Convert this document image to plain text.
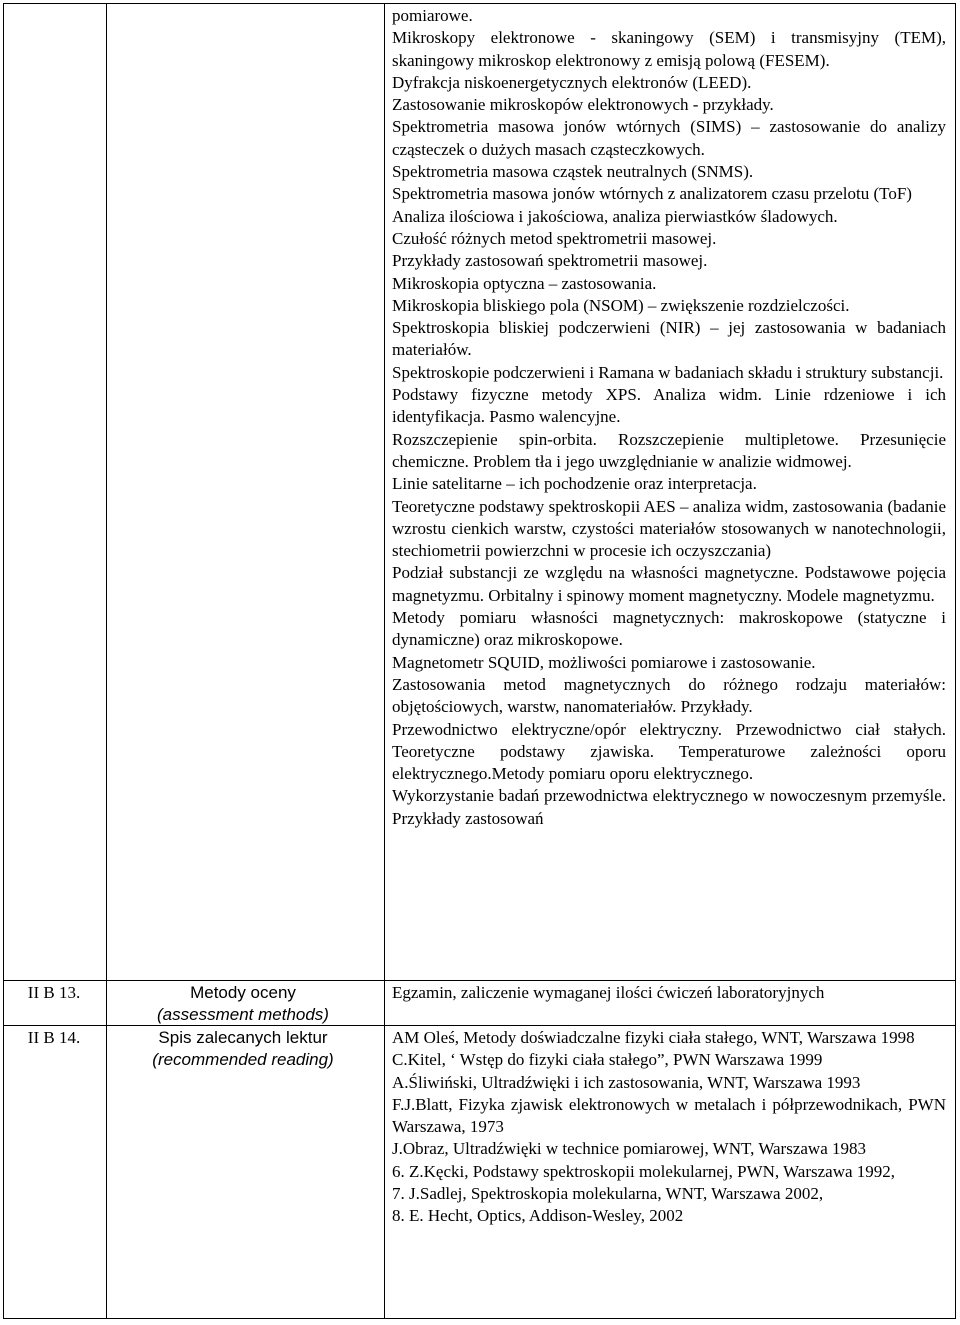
pomiarowe.

Mikroskopy elektronowe - skaningowy (SEM) i transmisyjny (TEM), skaningowy mikroskop elektronowy z emisją polową (FESEM).

Dyfrakcja niskoenergetycznych elektronów (LEED).

Zastosowanie mikroskopów elektronowych - przykłady.

Spektrometria masowa jonów wtórnych (SIMS) – zastosowanie do analizy cząsteczek o dużych masach cząsteczkowych.

Spektrometria masowa cząstek neutralnych (SNMS).

Spektrometria masowa jonów wtórnych z analizatorem czasu przelotu (ToF)

Analiza ilościowa i jakościowa, analiza pierwiastków śladowych.

Czułość różnych metod spektrometrii masowej.

Przykłady zastosowań spektrometrii masowej.

Mikroskopia optyczna – zastosowania.

Mikroskopia bliskiego pola (NSOM) – zwiększenie rozdzielczości.

Spektroskopia bliskiej podczerwieni (NIR) – jej zastosowania w badaniach materiałów.

Spektroskopie podczerwieni i Ramana w badaniach składu i struktury substancji.

Podstawy fizyczne metody XPS. Analiza widm. Linie rdzeniowe i ich identyfikacja. Pasmo walencyjne.

Rozszczepienie spin-orbita. Rozszczepienie multipletowe. Przesunięcie chemiczne. Problem tła i jego uwzględnianie w analizie widmowej.

Linie satelitarne – ich pochodzenie oraz interpretacja.

Teoretyczne podstawy spektroskopii AES – analiza widm, zastosowania (badanie wzrostu cienkich warstw, czystości materiałów stosowanych w nanotechnologii, stechiometrii powierzchni w procesie ich oczyszczania)

Podział substancji ze względu na własności magnetyczne. Podstawowe pojęcia magnetyzmu. Orbitalny i spinowy moment magnetyczny. Modele magnetyzmu.

Metody pomiaru własności magnetycznych: makroskopowe (statyczne i dynamiczne) oraz mikroskopowe.

Magnetometr SQUID, możliwości pomiarowe i zastosowanie.

Zastosowania metod magnetycznych do różnego rodzaju materiałów: objętościowych, warstw, nanomateriałów. Przykłady.

Przewodnictwo elektryczne/opór elektryczny. Przewodnictwo ciał stałych. Teoretyczne podstawy zjawiska. Temperaturowe zależności oporu elektrycznego.Metody pomiaru oporu elektrycznego.

Wykorzystanie badań przewodnictwa elektrycznego w nowoczesnym przemyśle. Przykłady zastosowań

II B 13.	Metody oceny
(assessment methods)

Egzamin, zaliczenie wymaganej ilości ćwiczeń laboratoryjnych

II B 14.	Spis zalecanych lektur
(recommended reading)

AM Oleś, Metody doświadczalne fizyki ciała stałego, WNT, Warszawa 1998

C.Kitel, ‘ Wstęp do fizyki ciała stałego”, PWN Warszawa 1999

A.Śliwiński, Ultradźwięki i ich zastosowania, WNT, Warszawa 1993

F.J.Blatt, Fizyka zjawisk elektronowych w metalach i półprzewodnikach, PWN Warszawa, 1973

J.Obraz, Ultradźwięki w technice pomiarowej, WNT, Warszawa 1983

6. Z.Kęcki, Podstawy spektroskopii molekularnej, PWN, Warszawa 1992,

7. J.Sadlej, Spektroskopia molekularna, WNT, Warszawa 2002,

8. E. Hecht, Optics, Addison-Wesley, 2002
